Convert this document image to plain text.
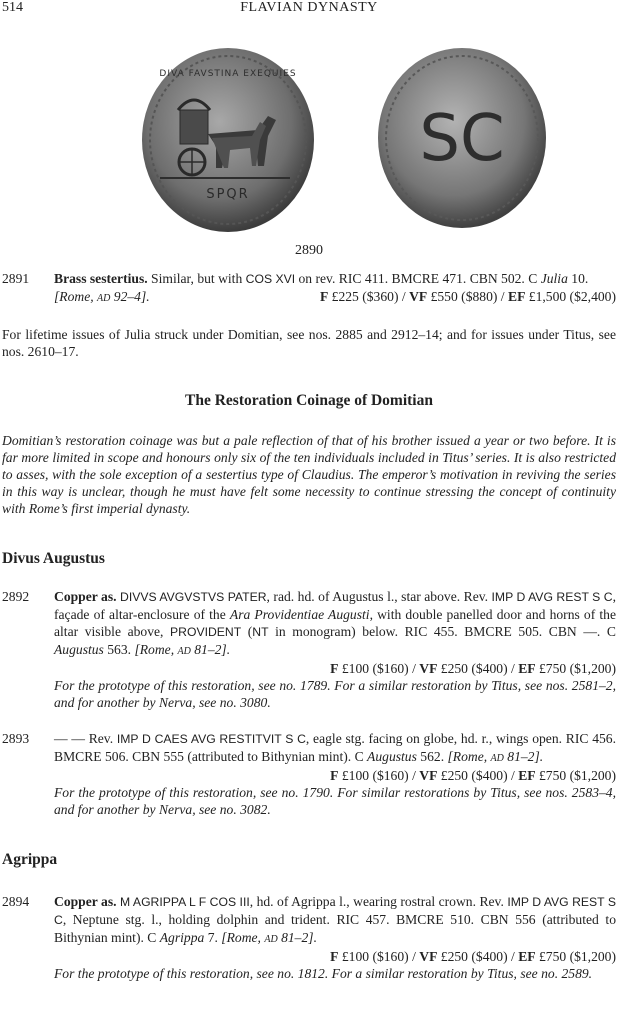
514	FLAVIAN DYNASTY
SPQR
DIVA FAVSTINA EXEQUIES
SC
2890
2891 Brass sestertius. Similar, but with COS XVI on rev. RIC 411. BMCRE 471. CBN 502. C Julia 10. [Rome, AD 92–4].	F £225 ($360) / VF £550 ($880) / EF £1,500 ($2,400)
For lifetime issues of Julia struck under Domitian, see nos. 2885 and 2912–14; and for issues under Titus, see nos. 2610–17.
The Restoration Coinage of Domitian
Domitian’s restoration coinage was but a pale reflection of that of his brother issued a year or two before. It is far more limited in scope and honours only six of the ten individuals included in Titus’ series. It is also restricted to asses, with the sole exception of a sestertius type of Claudius. The emperor’s motivation in reviving the series in this way is unclear, though he must have felt some necessity to continue stressing the concept of continuity with Rome’s first imperial dynasty.
Divus Augustus
2892 Copper as. DIVVS AVGVSTVS PATER, rad. hd. of Augustus l., star above. Rev. IMP D AVG REST S C, façade of altar-enclosure of the Ara Providentiae Augusti, with double panelled door and horns of the altar visible above, PROVIDENT (NT in monogram) below. RIC 455. BMCRE 505. CBN —. C Augustus 563. [Rome, AD 81–2].
F £100 ($160) / VF £250 ($400) / EF £750 ($1,200)
For the prototype of this restoration, see no. 1789. For a similar restoration by Titus, see nos. 2581–2, and for another by Nerva, see no. 3080.
2893 — — Rev. IMP D CAES AVG RESTITVIT S C, eagle stg. facing on globe, hd. r., wings open. RIC 456. BMCRE 506. CBN 555 (attributed to Bithynian mint). C Augustus 562. [Rome, AD 81–2].
F £100 ($160) / VF £250 ($400) / EF £750 ($1,200)
For the prototype of this restoration, see no. 1790. For similar restorations by Titus, see nos. 2583–4, and for another by Nerva, see no. 3082.
Agrippa
2894 Copper as. M AGRIPPA L F COS III, hd. of Agrippa l., wearing rostral crown. Rev. IMP D AVG REST S C, Neptune stg. l., holding dolphin and trident. RIC 457. BMCRE 510. CBN 556 (attributed to Bithynian mint). C Agrippa 7. [Rome, AD 81–2].
F £100 ($160) / VF £250 ($400) / EF £750 ($1,200)
For the prototype of this restoration, see no. 1812. For a similar restoration by Titus, see no. 2589.
